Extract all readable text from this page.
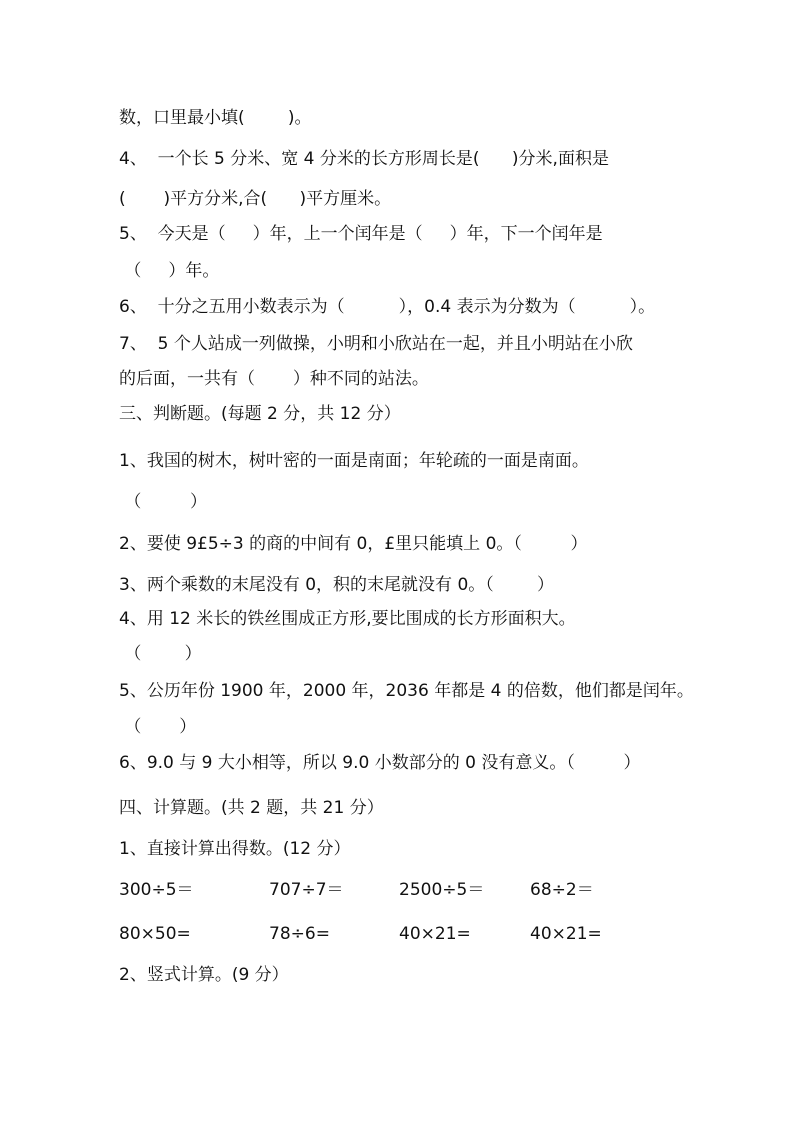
数，口里最小填(        )。
4、  一个长 5 分米、宽 4 分米的长方形周长是(      )分米,面积是
(       )平方分米,合(      )平方厘米。
5、  今天是（     ）年，上一个闰年是（     ）年，下一个闰年是
（     ）年。
6、  十分之五用小数表示为（          ），0.4 表示为分数为（          ）。
7、  5 个人站成一列做操，小明和小欣站在一起，并且小明站在小欣
的后面，一共有（       ）种不同的站法。
三、判断题。(每题 2 分，共 12 分）
1、我国的树木，树叶密的一面是南面；年轮疏的一面是南面。
（         ）
2、要使 9£5÷3 的商的中间有 0，£里只能填上 0。（         ）
3、两个乘数的末尾没有 0，积的末尾就没有 0。（        ）
4、用 12 米长的铁丝围成正方形,要比围成的长方形面积大。
（        ）
5、公历年份 1900 年，2000 年，2036 年都是 4 的倍数，他们都是闰年。
（       ）
6、9.0 与 9 大小相等，所以 9.0 小数部分的 0 没有意义。（         ）
四、计算题。(共 2 题，共 21 分）
1、直接计算出得数。(12 分）
300÷5＝	707÷7＝	2500÷5＝	68÷2＝
80×50=	78÷6=	40×21=	40×21=
2、竖式计算。(9 分）
